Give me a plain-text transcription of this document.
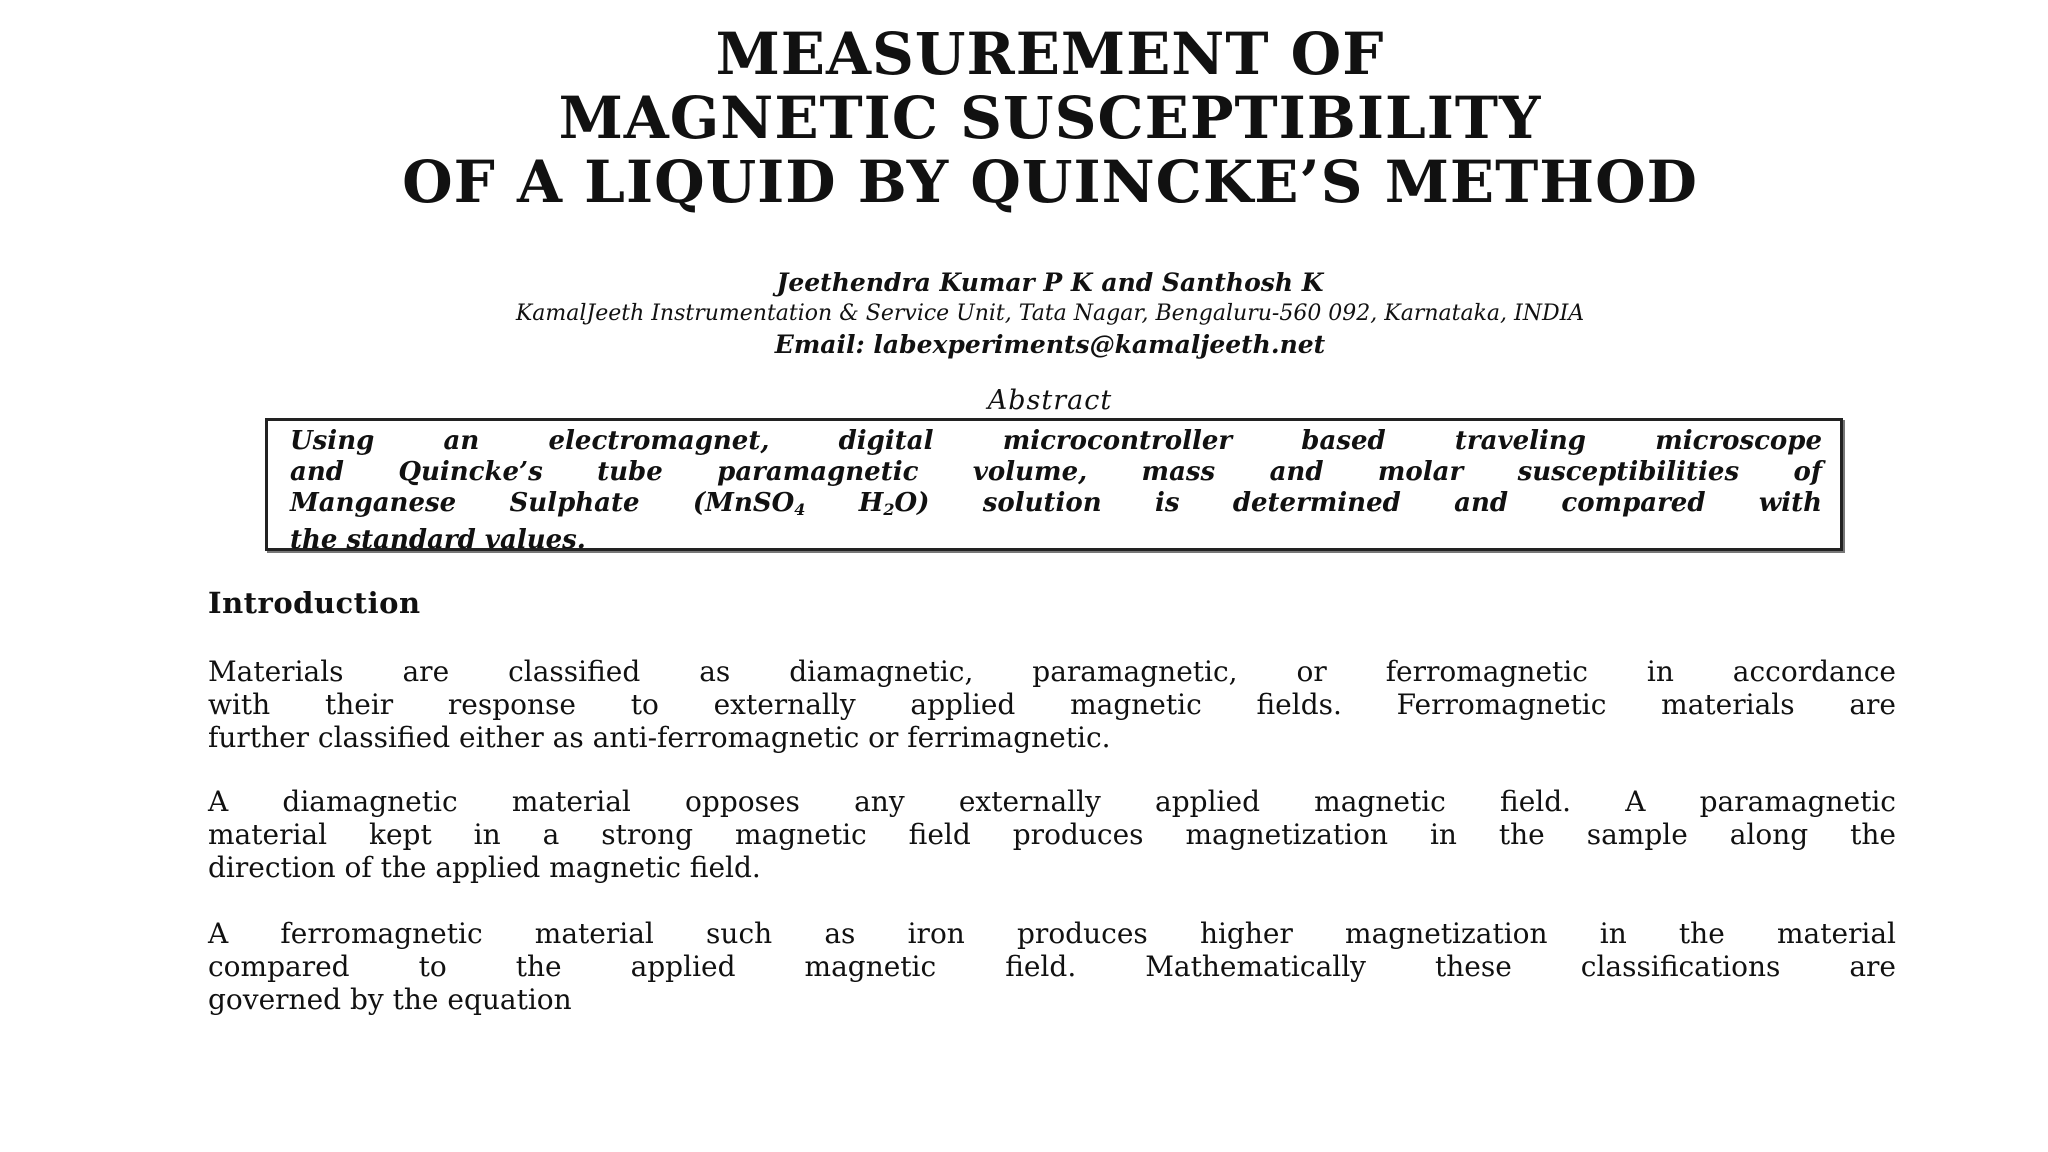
MEASUREMENT OF
MAGNETIC SUSCEPTIBILITY
OF A LIQUID BY QUINCKE’S METHOD
Jeethendra Kumar P K and Santhosh K
KamalJeeth Instrumentation & Service Unit, Tata Nagar, Bengaluru-560 092, Karnataka, INDIA
Email: labexperiments@kamaljeeth.net
Abstract
Using an electromagnet, digital microcontroller based traveling microscope
and Quincke’s tube paramagnetic volume, mass and molar susceptibilities of
Manganese Sulphate (MnSO$_4$ $H_2O$) solution is determined and compared with
the standard values.
Introduction
Materials are classified as diamagnetic, paramagnetic, or ferromagnetic in accordance
with their response to externally applied magnetic fields. Ferromagnetic materials are
further classified either as anti-ferromagnetic or ferrimagnetic.
A diamagnetic material opposes any externally applied magnetic field. A paramagnetic
material kept in a strong magnetic field produces magnetization in the sample along the
direction of the applied magnetic field.
A ferromagnetic material such as iron produces higher magnetization in the material
compared to the applied magnetic field. Mathematically these classifications are
governed by the equation
